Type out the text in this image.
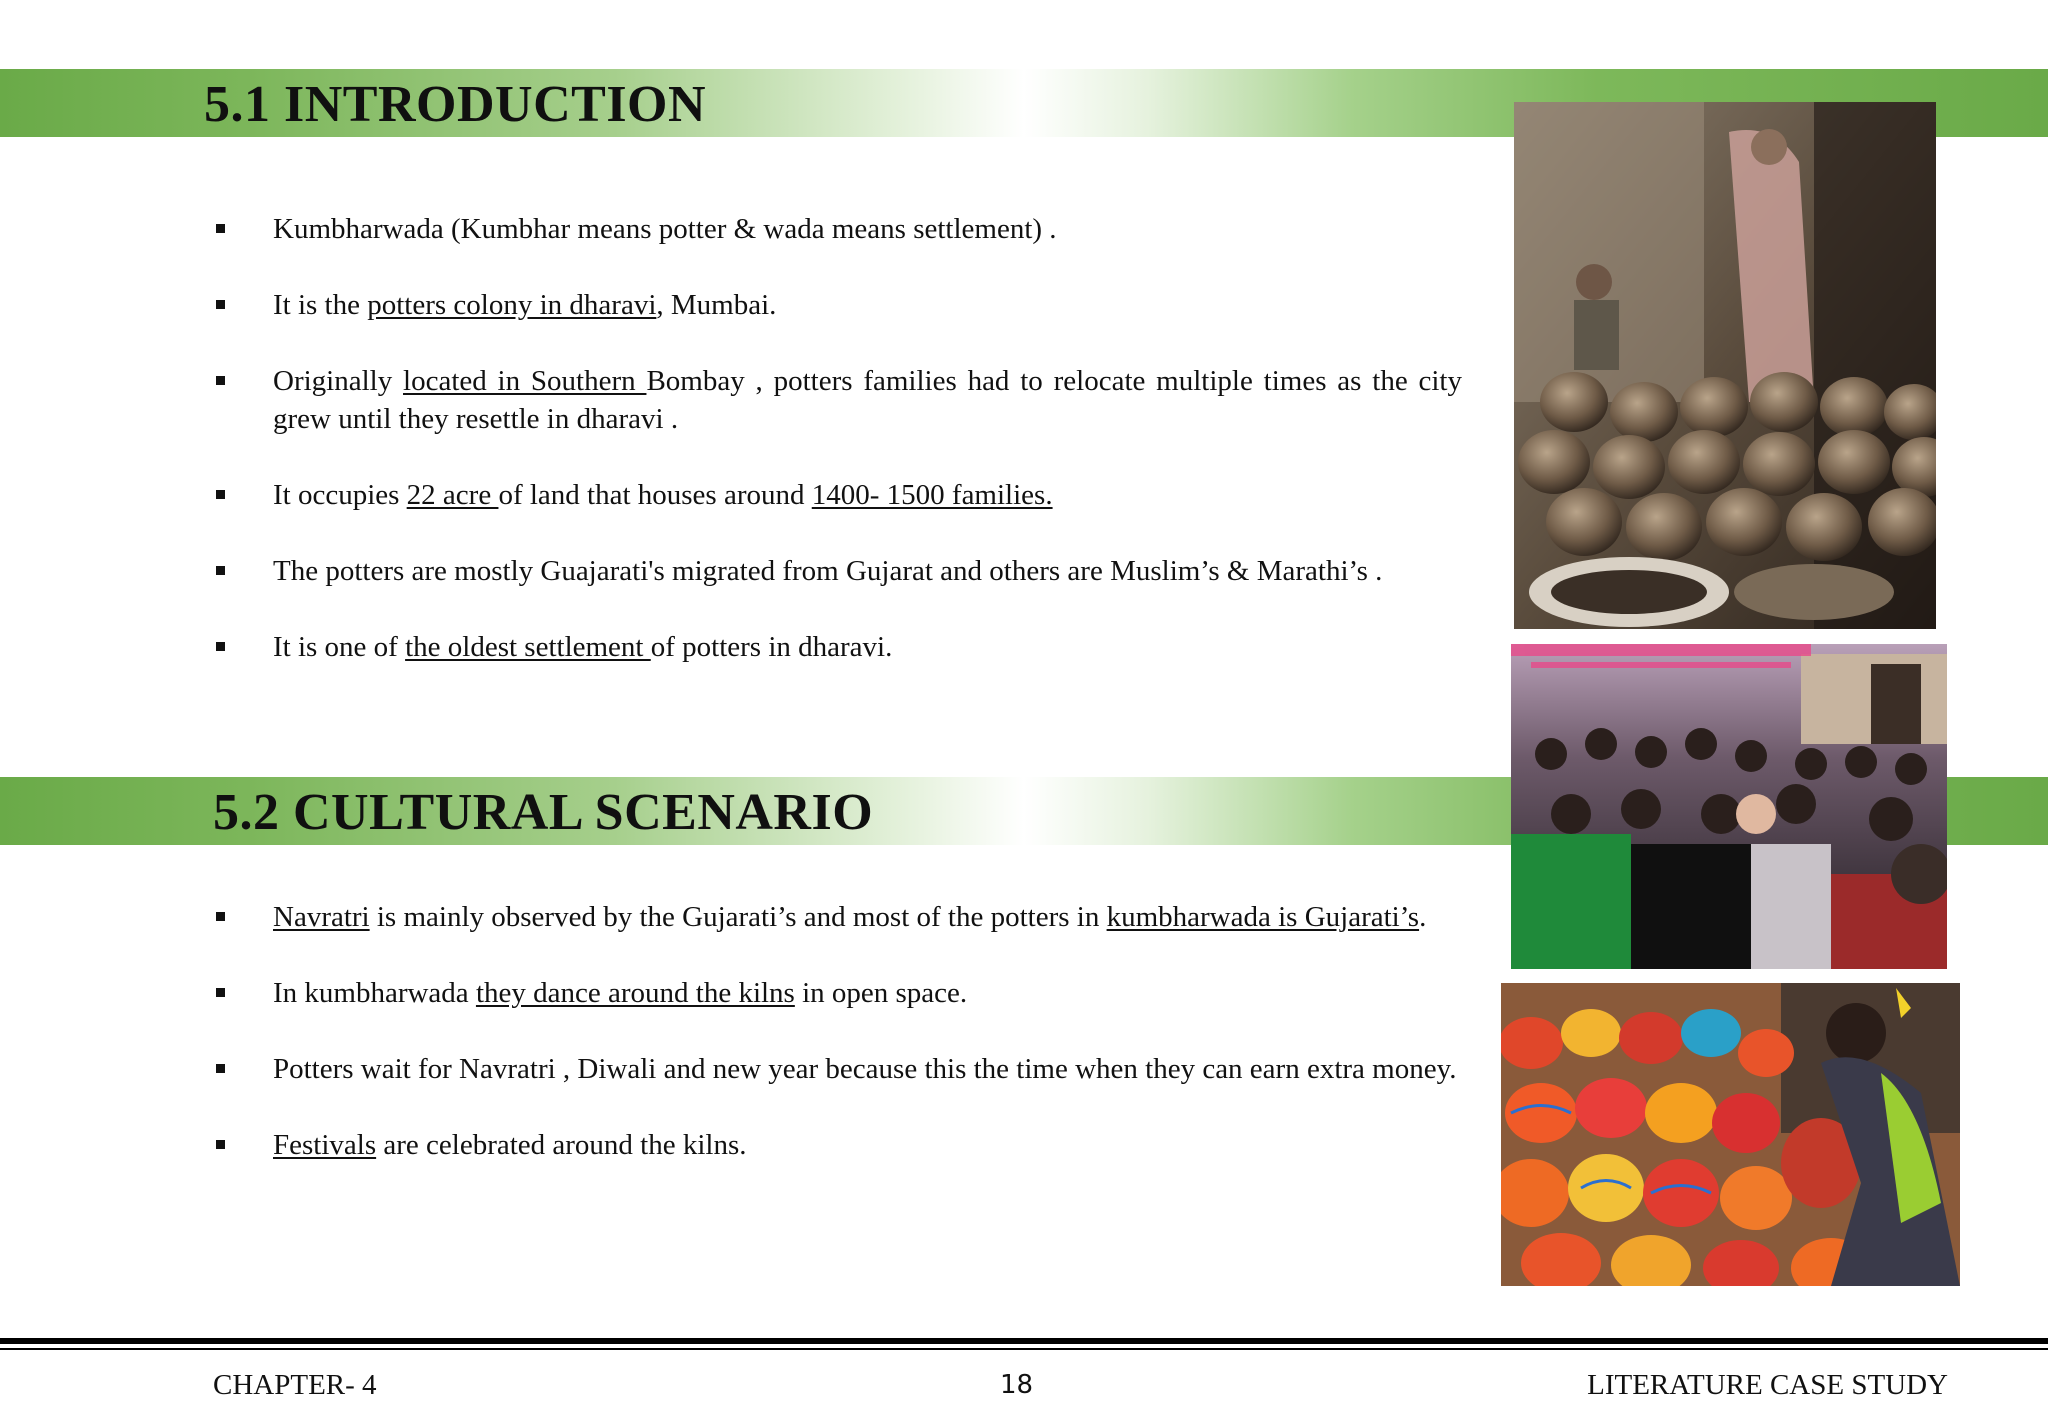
5.1 INTRODUCTION
Kumbharwada (Kumbhar means potter & wada means settlement) .
It is the potters colony in dharavi, Mumbai.
Originally located in Southern Bombay , potters families had to relocate multiple times as the city grew until they resettle in dharavi .
It occupies 22 acre of land that houses around 1400- 1500 families.
The potters are mostly Guajarati's migrated from Gujarat and others are Muslim’s & Marathi’s .
It is one of the oldest settlement of potters in dharavi.
5.2 CULTURAL SCENARIO
Navratri is mainly observed by the Gujarati’s and most of the potters in kumbharwada is Gujarati’s.
In kumbharwada they dance around the kilns in open space.
Potters wait for Navratri , Diwali and new year because this the time when they can earn extra money.
Festivals are celebrated around the kilns.
CHAPTER- 4	18	LITERATURE CASE STUDY
